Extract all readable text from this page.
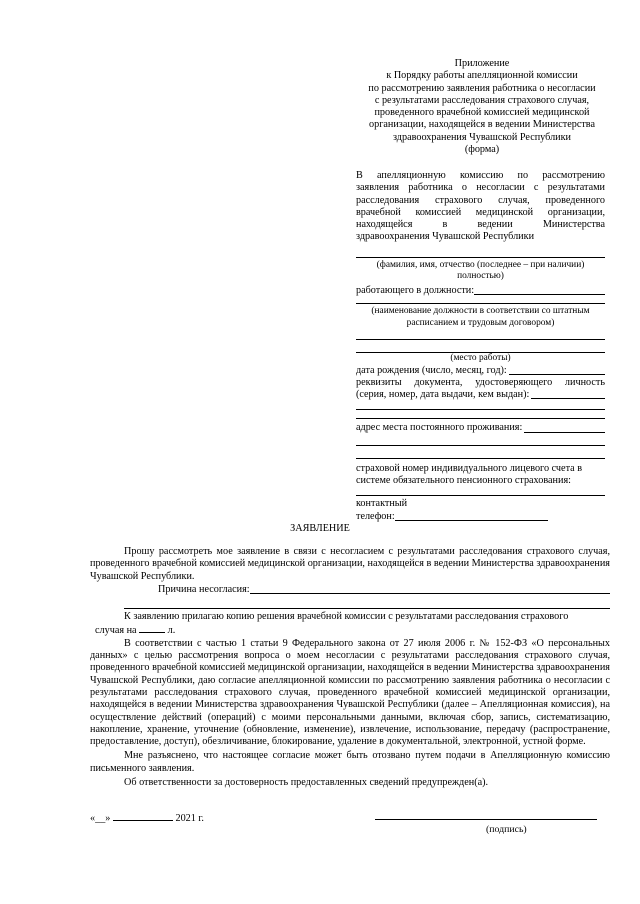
Приложение
к Порядку работы апелляционной комиссии
по рассмотрению заявления работника о несогласии
с результатами расследования страхового случая,
проведенного врачебной комиссией медицинской
организации, находящейся в ведении Министерства
здравоохранения Чувашской Республики
(форма)
В апелляционную комиссию по рассмотрению
заявления работника о несогласии с результатами
расследования страхового случая, проведенного
врачебной комиссией медицинской организации,
находящейся в ведении Министерства
здравоохранения Чувашской Республики
(фамилия, имя, отчество (последнее – при наличии) полностью)
работающего в должности:
(наименование должности в соответствии со штатным расписанием и трудовым договором)
(место работы)
дата рождения (число, месяц, год):
реквизиты документа, удостоверяющего личность
(серия, номер, дата выдачи, кем выдан):
адрес места постоянного проживания:
страховой номер индивидуального лицевого счета в
системе обязательного пенсионного страхования:
контактный
телефон:
ЗАЯВЛЕНИЕ

Прошу рассмотреть мое заявление в связи с несогласием с результатами расследования страхового случая, проведенного врачебной комиссией медицинской организации, находящейся в ведении Министерства здравоохранения Чувашской Республики.

Причина несогласия:

К заявлению прилагаю копию решения врачебной комиссии с результатами расследования страхового

случая на	л.

В соответствии с частью 1 статьи 9 Федерального закона от 27 июля 2006 г. № 152-ФЗ «О персональных данных» с целью рассмотрения вопроса о моем несогласии с результатами расследования страхового случая, проведенного врачебной комиссией медицинской организации, находящейся в ведении Министерства здравоохранения Чувашской Республики, даю согласие апелляционной комиссии по рассмотрению заявления работника о несогласии с результатами расследования страхового случая, проведенного врачебной комиссией медицинской организации, находящейся в ведении Министерства здравоохранения Чувашской Республики (далее – Апелляционная комиссия), на осуществление действий (операций) с моими персональными данными, включая сбор, запись, систематизацию, накопление, хранение, уточнение (обновление, изменение), извлечение, использование, передачу (распространение, предоставление, доступ), обезличивание, блокирование, удаление в документальной, электронной, устной форме.

Мне разъяснено, что настоящее согласие может быть отозвано путем подачи в Апелляционную комиссию письменного заявления.

Об ответственности за достоверность предоставленных сведений предупрежден(а).

«__»	2021 г.
(подпись)
